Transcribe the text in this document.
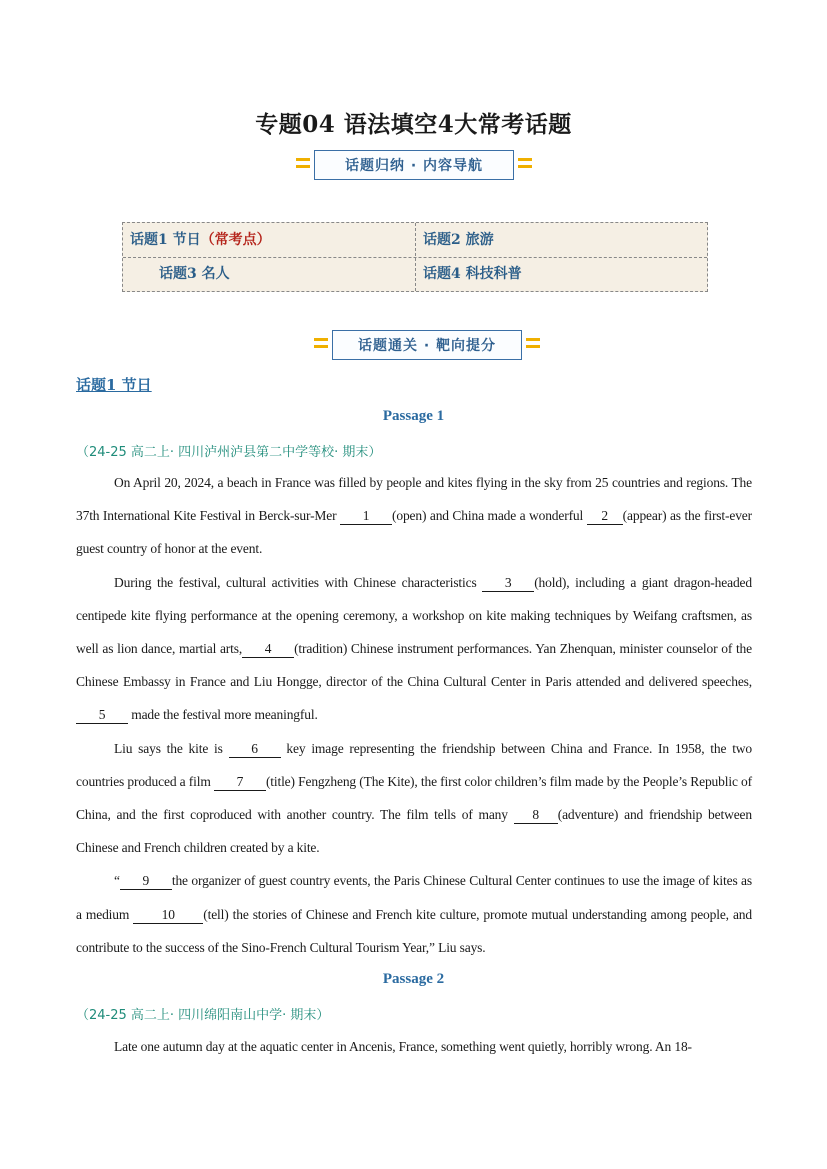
专题04 语法填空4大常考话题
话题归纳 · 内容导航
话题1 节日（常考点）	话题2 旅游
话题3 名人	话题4 科技科普
话题通关 · 靶向提分
话题1 节日
Passage 1
（24-25 高二上· 四川泸州泸县第二中学等校· 期末）
On April 20, 2024, a beach in France was filled by people and kites flying in the sky from 25 countries and regions. The 37th International Kite Festival in Berck-sur-Mer 1 (open) and China made a wonderful 2 (appear) as the first-ever guest country of honor at the event.
During the festival, cultural activities with Chinese characteristics 3 (hold), including a giant dragon-headed centipede kite flying performance at the opening ceremony, a workshop on kite making techniques by Weifang craftsmen, as well as lion dance, martial arts, 4 (tradition) Chinese instrument performances. Yan Zhenquan, minister counselor of the Chinese Embassy in France and Liu Hongge, director of the China Cultural Center in Paris attended and delivered speeches,5 made the festival more meaningful.
Liu says the kite is 6 key image representing the friendship between China and France. In 1958, the two countries produced a film 7 (title) Fengzheng (The Kite), the first color children’s film made by the People’s Republic of China, and the first coproduced with another country. The film tells of many 8 (adventure) and friendship between Chinese and French children created by a kite.
“ 9 the organizer of guest country events, the Paris Chinese Cultural Center continues to use the image of kites as a medium 10 (tell) the stories of Chinese and French kite culture, promote mutual understanding among people, and contribute to the success of the Sino-French Cultural Tourism Year,” Liu says.
Passage 2
（24-25 高二上· 四川绵阳南山中学· 期末）
Late one autumn day at the aquatic center in Ancenis, France, something went quietly, horribly wrong. An 18-
